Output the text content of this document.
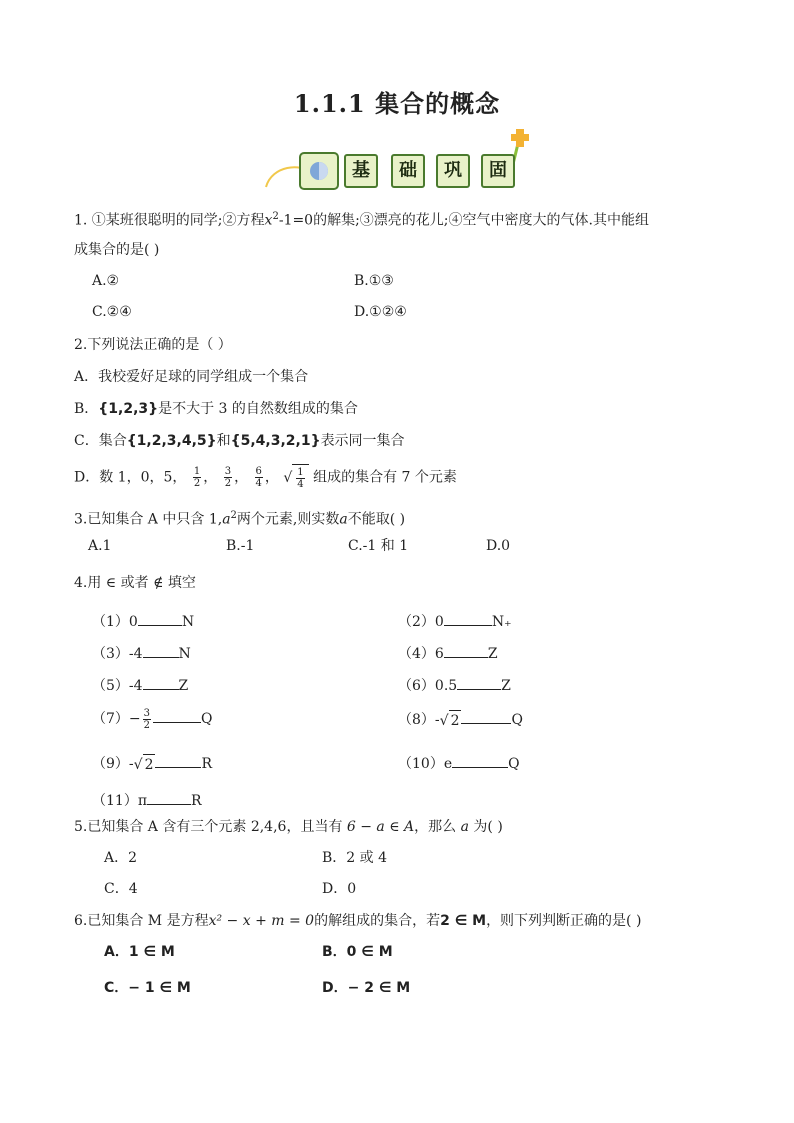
1.1.1 集合的概念
基	础	巩	固
1. ①某班很聪明的同学;②方程$x^2-1=0$的解集;③漂亮的花儿;④空气中密度大的气体.其中能组
成集合的是( )
A.②	B.①③
C.②④	D.①②④
2.下列说法正确的是（ ）
A．我校爱好足球的同学组成一个集合
B．{1,2,3}是不大于 3 的自然数组成的集合
C．集合{1,2,3,4,5}和{5,4,3,2,1}表示同一集合
D．数 1，0，5， $\frac{1}{2}$ ， $\frac{3}{2}$ ， $\frac{6}{4}$ ， √ $\frac{1}{4}$ 组成的集合有 7 个元素
3.已知集合 A 中只含 $1,a^2$两个元素,则实数a不能取( )
A.1	B.-1	C.-1 和 1	D.0
4.用 ∈ 或者 ∉ 填空
（1）0	N	（2）0	N₊
（3）-4	N	（4）6	Z
（5）-4	Z	（6）0.5	Z
$(7)- \frac{3}{2}$	Q	（8）-√ 2	Q
（9）-√ 2	R	（10）e	Q
（11）π	R
5.已知集合 A 含有三个元素 2,4,6，且当有 6 − a ∈ A，那么 a 为( )
A．2	B．2 或 4
C．4	D．0
6.已知集合 M 是方程x² − x + m = 0的解组成的集合，若2 ∈ M，则下列判断正确的是( )
A．1 ∈ M	B．0 ∈ M
C．− 1 ∈ M	D．− 2 ∈ M
